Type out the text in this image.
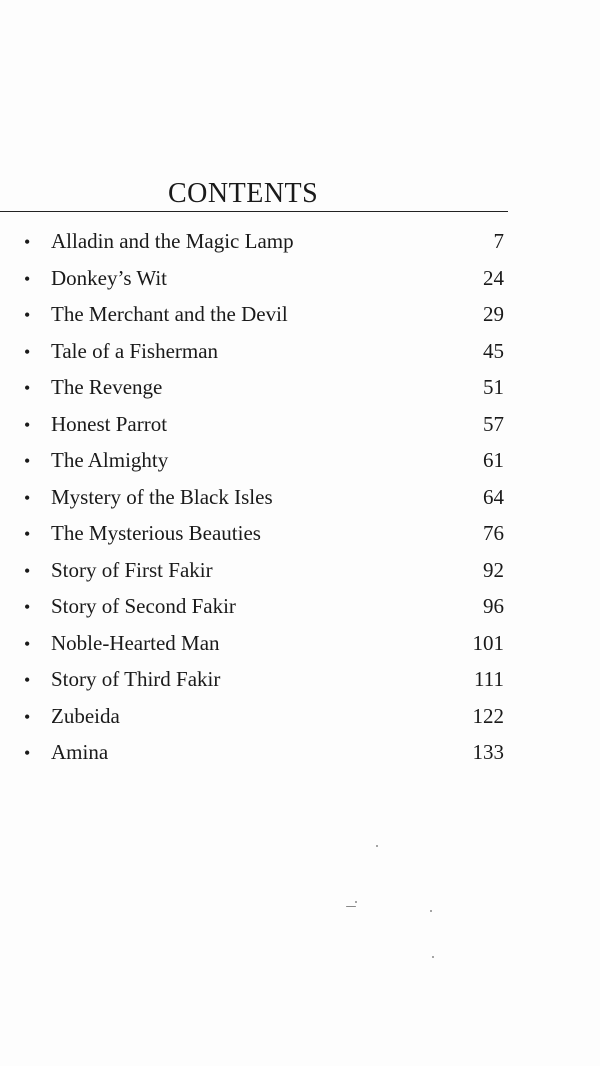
CONTENTS
• Alladin and the Magic Lamp	7
• Donkey’s Wit	24
• The Merchant and the Devil	29
• Tale of a Fisherman	45
• The Revenge	51
• Honest Parrot	57
• The Almighty	61
• Mystery of the Black Isles	64
• The Mysterious Beauties	76
• Story of First Fakir	92
• Story of Second Fakir	96
• Noble-Hearted Man	101
• Story of Third Fakir	111
• Zubeida	122
• Amina	133
